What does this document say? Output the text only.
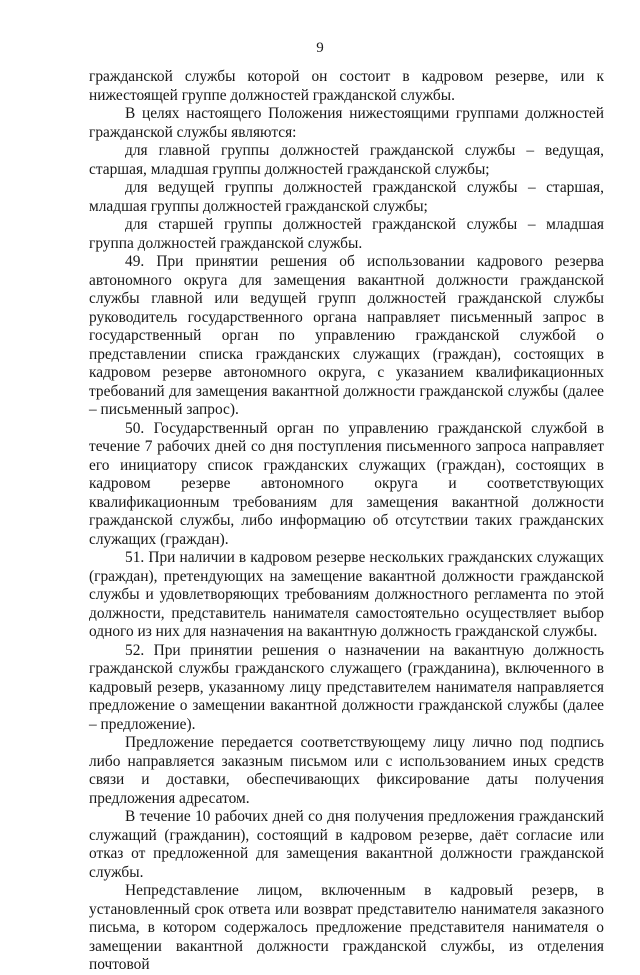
9

гражданской службы которой он состоит в кадровом резерве, или к нижестоящей группе должностей гражданской службы.

В целях настоящего Положения нижестоящими группами должностей гражданской службы являются:

для главной группы должностей гражданской службы – ведущая, старшая, младшая группы должностей гражданской службы;

для ведущей группы должностей гражданской службы – старшая, младшая группы должностей гражданской службы;

для старшей группы должностей гражданской службы – младшая группа должностей гражданской службы.

49. При принятии решения об использовании кадрового резерва автономного округа для замещения вакантной должности гражданской службы главной или ведущей групп должностей гражданской службы руководитель государственного органа направляет письменный запрос в государственный орган по управлению гражданской службой о представлении списка гражданских служащих (граждан), состоящих в кадровом резерве автономного округа, с указанием квалификационных требований для замещения вакантной должности гражданской службы (далее – письменный запрос).

50. Государственный орган по управлению гражданской службой в течение 7 рабочих дней со дня поступления письменного запроса направляет его инициатору список гражданских служащих (граждан), состоящих в кадровом резерве автономного округа и соответствующих квалификационным требованиям для замещения вакантной должности гражданской службы, либо информацию об отсутствии таких гражданских служащих (граждан).

51. При наличии в кадровом резерве нескольких гражданских служащих (граждан), претендующих на замещение вакантной должности гражданской службы и удовлетворяющих требованиям должностного регламента по этой должности, представитель нанимателя самостоятельно осуществляет выбор одного из них для назначения на вакантную должность гражданской службы.

52. При принятии решения о назначении на вакантную должность гражданской службы гражданского служащего (гражданина), включенного в кадровый резерв, указанному лицу представителем нанимателя направляется предложение о замещении вакантной должности гражданской службы (далее – предложение).

Предложение передается соответствующему лицу лично под подпись либо направляется заказным письмом или с использованием иных средств связи и доставки, обеспечивающих фиксирование даты получения предложения адресатом.

В течение 10 рабочих дней со дня получения предложения гражданский служащий (гражданин), состоящий в кадровом резерве, даёт согласие или отказ от предложенной для замещения вакантной должности гражданской службы.

Непредставление лицом, включенным в кадровый резерв, в установленный срок ответа или возврат представителю нанимателя заказного письма, в котором содержалось предложение представителя нанимателя о замещении вакантной должности гражданской службы, из отделения почтовой
